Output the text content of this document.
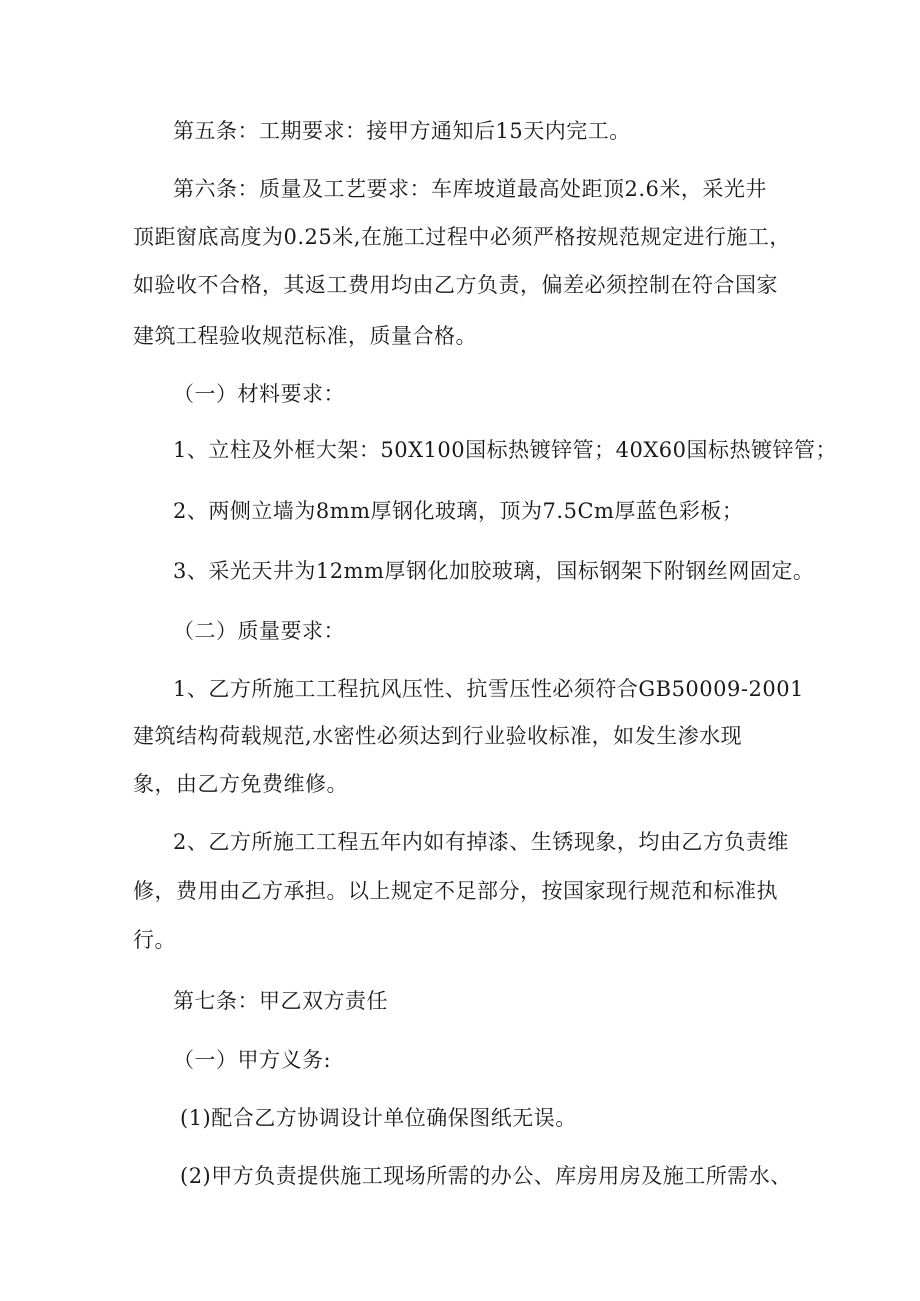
第五条：工期要求：接甲方通知后15天内完工。
第六条：质量及工艺要求：车库坡道最高处距顶2.6米，采光井
顶距窗底高度为0.25米,在施工过程中必须严格按规范规定进行施工，
如验收不合格，其返工费用均由乙方负责，偏差必须控制在符合国家
建筑工程验收规范标准，质量合格。
（一）材料要求：
1、立柱及外框大架：50X100国标热镀锌管；40X60国标热镀锌管；
2、两侧立墙为8mm厚钢化玻璃，顶为7.5Cm厚蓝色彩板；
3、采光天井为12mm厚钢化加胶玻璃，国标钢架下附钢丝网固定。
（二）质量要求：
1、乙方所施工工程抗风压性、抗雪压性必须符合GB50009-2001
建筑结构荷载规范,水密性必须达到行业验收标准，如发生渗水现
象，由乙方免费维修。
2、乙方所施工工程五年内如有掉漆、生锈现象，均由乙方负责维
修，费用由乙方承担。以上规定不足部分，按国家现行规范和标准执
行。
第七条：甲乙双方责任
（一）甲方义务:
(1)配合乙方协调设计单位确保图纸无误。
(2)甲方负责提供施工现场所需的办公、库房用房及施工所需水、
